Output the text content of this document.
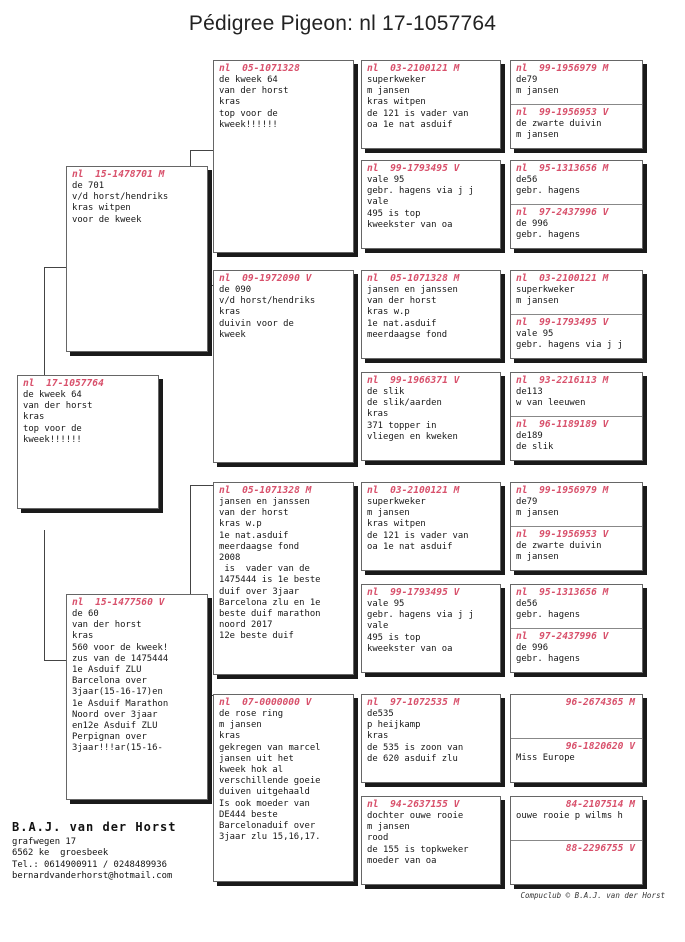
Pédigree Pigeon: nl 17-1057764
nl  17-1057764
de kweek 64
van der horst
kras
top voor de
kweek!!!!!!
nl  15-1478701 M
de 701
v/d horst/hendriks
kras witpen
voor de kweek
nl  15-1477560 V
de 60
van der horst
kras
560 voor de kweek!
zus van de 1475444
1e Asduif ZLU
Barcelona over
3jaar(15-16-17)en
1e Asduif Marathon
Noord over 3jaar
en12e Asduif ZLU
Perpignan over
3jaar!!!ar(15-16-
nl  05-1071328
de kweek 64
van der horst
kras
top voor de
kweek!!!!!!
nl  09-1972090 V
de 090
v/d horst/hendriks
kras
duivin voor de
kweek
nl  05-1071328 M
jansen en janssen
van der horst
kras w.p
1e nat.asduif
meerdaagse fond
2008
is  vader van de
1475444 is 1e beste
duif over 3jaar
Barcelona zlu en 1e
beste duif marathon
noord 2017
12e beste duif
nl  07-0000000 V
de rose ring
m jansen
kras
gekregen van marcel
jansen uit het
kweek hok al
verschillende goeie
duiven uitgehaald
Is ook moeder van
DE444 beste
Barcelonaduif over
3jaar zlu 15,16,17.
nl  03-2100121 M
superkweker
m jansen
kras witpen
de 121 is vader van
oa 1e nat asduif
nl  99-1793495 V
vale 95
gebr. hagens via j j
vale
495 is top
kweekster van oa
nl  05-1071328 M
jansen en janssen
van der horst
kras w.p
1e nat.asduif
meerdaagse fond
nl  99-1966371 V
de slik
de slik/aarden
kras
371 topper in
vliegen en kweken
nl  03-2100121 M
superkweker
m jansen
kras witpen
de 121 is vader van
oa 1e nat asduif
nl  99-1793495 V
vale 95
gebr. hagens via j j
vale
495 is top
kweekster van oa
nl  97-1072535 M
de535
p heijkamp
kras
de 535 is zoon van
de 620 asduif zlu
nl  94-2637155 V
dochter ouwe rooie
m jansen
rood
de 155 is topkweker
moeder van oa
nl  99-1956979 M
de79
m jansen
nl  99-1956953 V
de zwarte duivin
m jansen
nl  95-1313656 M
de56
gebr. hagens
nl  97-2437996 V
de 996
gebr. hagens
nl  03-2100121 M
superkweker
m jansen
nl  99-1793495 V
vale 95
gebr. hagens via j j
nl  93-2216113 M
de113
w van leeuwen
nl  96-1189189 V
de189
de slik
nl  99-1956979 M
de79
m jansen
nl  99-1956953 V
de zwarte duivin
m jansen
nl  95-1313656 M
de56
gebr. hagens
nl  97-2437996 V
de 996
gebr. hagens
96-2674365 M
96-1820620 V
Miss Europe
84-2107514 M
ouwe rooie p wilms h
88-2296755 V
B.A.J. van der Horst
grafwegen 17
6562 ke  groesbeek
Tel.: 0614900911 / 0248489936
bernardvanderhorst@hotmail.com
Compuclub © B.A.J. van der Horst
